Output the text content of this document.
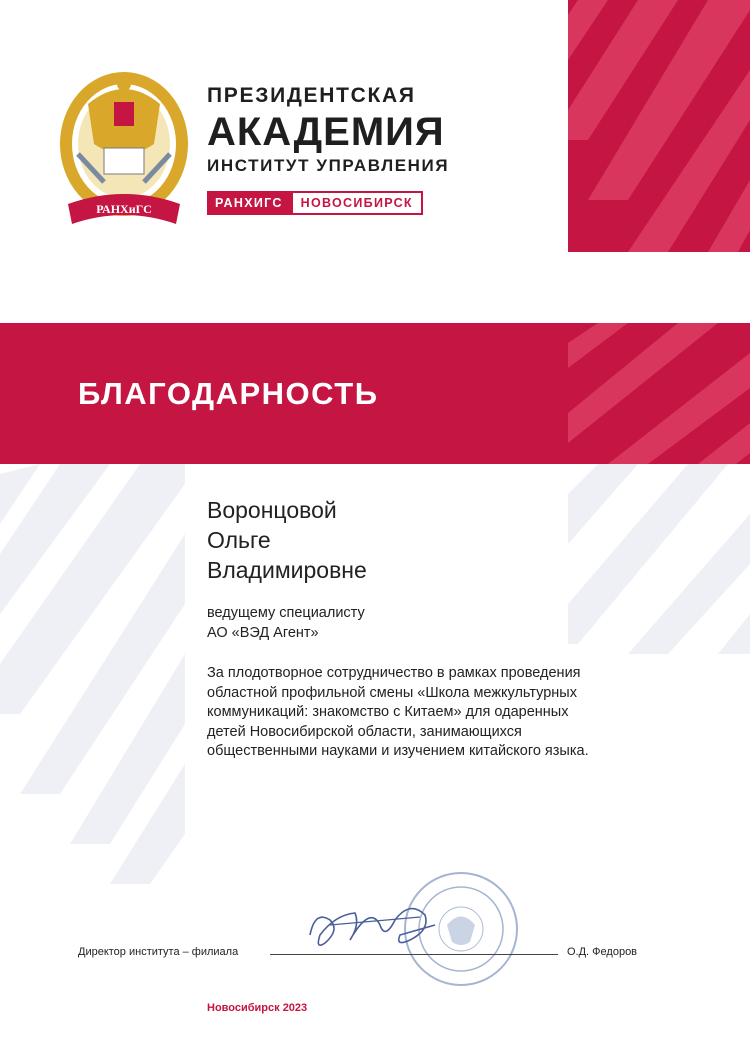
РАНХиГС
ПРЕЗИДЕНТСКАЯ
АКАДЕМИЯ
ИНСТИТУТ УПРАВЛЕНИЯ
РАНХИГС	НОВОСИБИРСК
БЛАГОДАРНОСТЬ
Воронцовой
Ольге
Владимировне
ведущему специалисту
АО «ВЭД Агент»
За плодотворное сотрудничество в рамках проведения
областной профильной смены «Школа межкультурных
коммуникаций: знакомство с Китаем» для одаренных
детей Новосибирской области, занимающихся
общественными науками и изучением китайского языка.
Директор института – филиала	О.Д. Федоров
Новосибирск 2023
